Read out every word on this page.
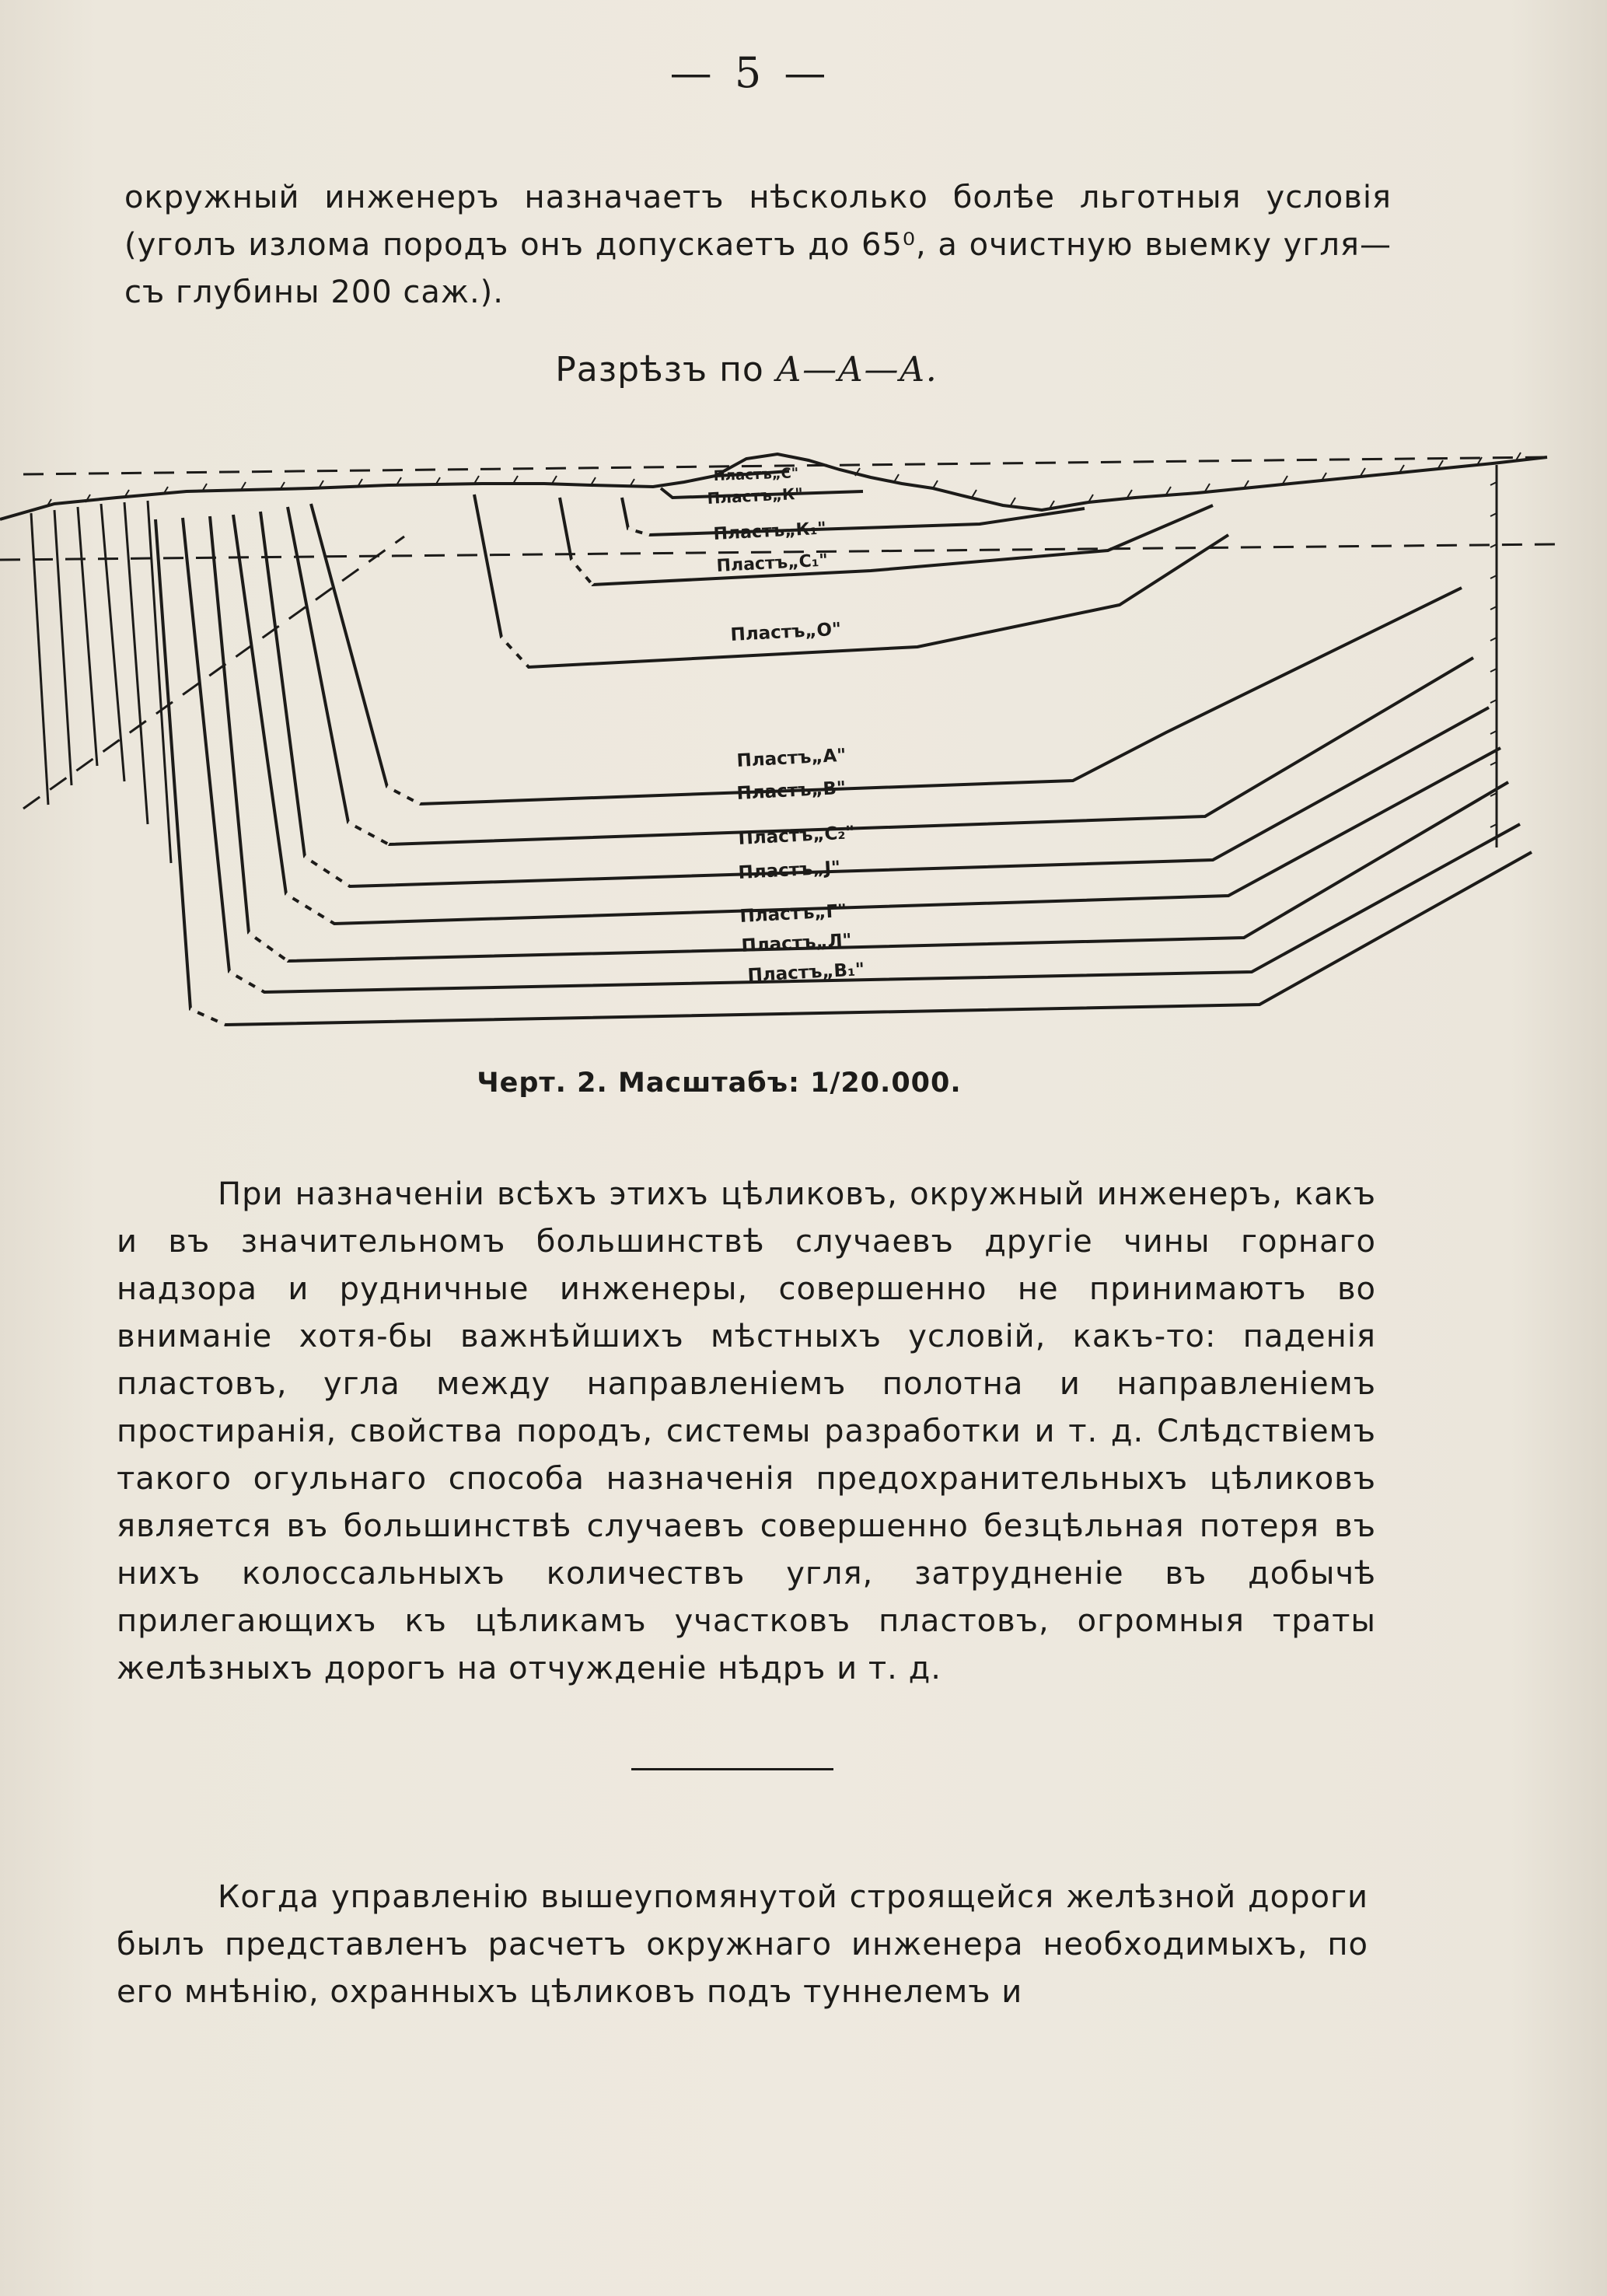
— 5 —

окружный инженеръ назначаетъ нѣсколько болѣе льготныя условія (уголъ излома породъ онъ допускаетъ до 65⁰, а очистную выемку угля—съ глубины 200 саж.).

Разрѣзъ по А—А—А.
Пластъ„С"
Пластъ„К"
Пластъ„К₁"
Пластъ„С₁"
Пластъ„О"
Пластъ„А"
Пластъ„В"
Пластъ„С₂"
Пластъ„Ј"
Пластъ„Г"
Пластъ„Л"
Пластъ„В₁"
Черт. 2. Масштабъ: 1/20.000.

При назначеніи всѣхъ этихъ цѣликовъ, окружный инженеръ, какъ и въ значительномъ большинствѣ случаевъ другіе чины горнаго надзора и рудничные инженеры, совершенно не принимаютъ во вниманіе хотя-бы важнѣйшихъ мѣстныхъ условій, какъ-то: паденія пластовъ, угла между направленіемъ полотна и направленіемъ простиранія, свойства породъ, системы разработки и т. д. Слѣдствіемъ такого огульнаго способа назначенія предохранительныхъ цѣликовъ является въ большинствѣ случаевъ совершенно безцѣльная потеря въ нихъ колоссальныхъ количествъ угля, затрудненіе въ добычѣ прилегающихъ къ цѣликамъ участковъ пластовъ, огромныя траты желѣзныхъ дорогъ на отчужденіе нѣдръ и т. д.

Когда управленію вышеупомянутой строящейся желѣзной дороги былъ представленъ расчетъ окружнаго инженера необходимыхъ, по его мнѣнію, охранныхъ цѣликовъ подъ туннелемъ и
